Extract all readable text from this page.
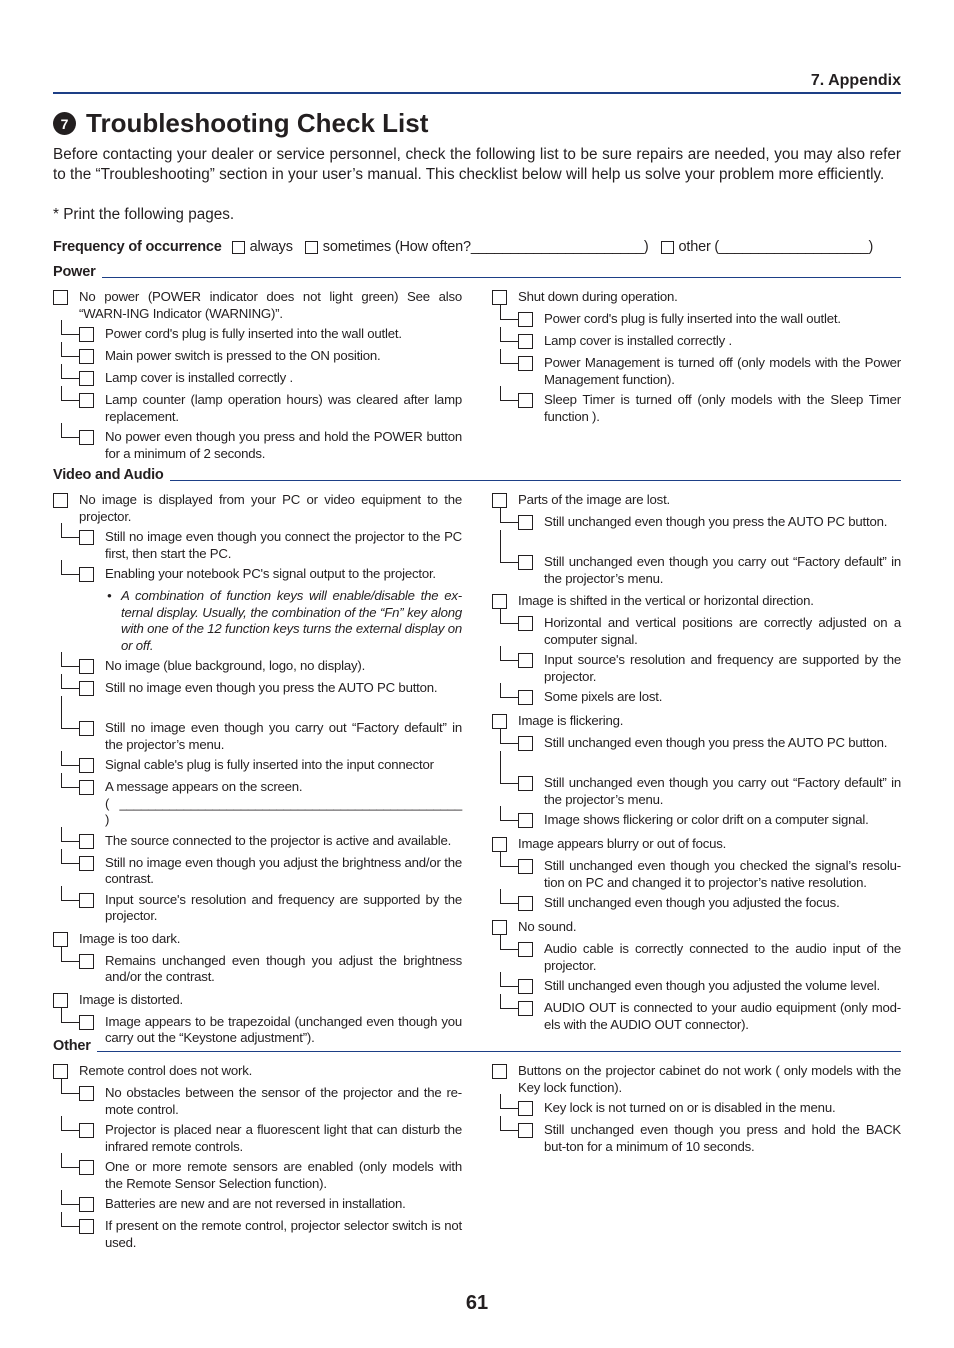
7. Appendix
7 Troubleshooting Check List
Before contacting your dealer or service personnel, check the following list to be sure repairs are needed, you may also refer to the “Troubleshooting” section in your user’s manual. This checklist below will help us solve your problem more efficiently.
* Print the following pages.
Frequency of occurrence always sometimes (How often?______________________) other (___________________)
Power
No power (POWER indicator does not light green) See also “WARN-ING Indicator (WARNING)”.
Power cord's plug is fully inserted into the wall outlet.
Main power switch is pressed to the ON position.
Lamp cover is installed correctly .
Lamp counter (lamp operation hours) was cleared after lamp replacement.
No power even though you press and hold the POWER button for a minimum of 2 seconds.
Shut down during operation.
Power cord's plug is fully inserted into the wall outlet.
Lamp cover is installed correctly .
Power Management is turned off (only models with the Power Management function).
Sleep Timer is turned off (only models with the Sleep Timer function ).
Video and Audio
No image is displayed from your PC or video equipment to the projector.
Still no image even though you connect the projector to the PC first, then start the PC.
Enabling your notebook PC's signal output to the projector.
• A combination of function keys will enable/disable the ex-ternal display. Usually, the combination of the “Fn” key along with one of the 12 function keys turns the external display on or off.
No image (blue background, logo, no display).
Still no image even though you press the AUTO PC button.
Still no image even though you carry out “Factory default” in the projector’s menu.
Signal cable's plug is fully inserted into the input connector
A message appears on the screen.
( ________________________________________________ )
The source connected to the projector is active and available.
Still no image even though you adjust the brightness and/or the contrast.
Input source's resolution and frequency are supported by the projector.
Image is too dark.
Remains unchanged even though you adjust the brightness and/or the contrast.
Image is distorted.
Image appears to be trapezoidal (unchanged even though you carry out the “Keystone adjustment”).
Parts of the image are lost.
Still unchanged even though you press the AUTO PC button.
Still unchanged even though you carry out “Factory default” in the projector’s menu.
Image is shifted in the vertical or horizontal direction.
Horizontal and vertical positions are correctly adjusted on a computer signal.
Input source's resolution and frequency are supported by the projector.
Some pixels are lost.
Image is flickering.
Still unchanged even though you press the AUTO PC button.
Still unchanged even though you carry out “Factory default” in the projector’s menu.
Image shows flickering or color drift on a computer signal.
Image appears blurry or out of focus.
Still unchanged even though you checked the signal’s resolu-tion on PC and changed it to projector’s native resolution.
Still unchanged even though you adjusted the focus.
No sound.
Audio cable is correctly connected to the audio input of the projector.
Still unchanged even though you adjusted the volume level.
AUDIO OUT is connected to your audio equipment (only mod-els with the AUDIO OUT connector).
Other
Remote control does not work.
No obstacles between the sensor of the projector and the re-mote control.
Projector is placed near a fluorescent light that can disturb the infrared remote controls.
One or more remote sensors are enabled (only models with the Remote Sensor Selection function).
Batteries are new and are not reversed in installation.
If present on the remote control, projector selector switch is not used.
Buttons on the projector cabinet do not work ( only models with the Key lock function).
Key lock is not turned on or is disabled in the menu.
Still unchanged even though you press and hold the BACK but-ton for a minimum of 10 seconds.
61
